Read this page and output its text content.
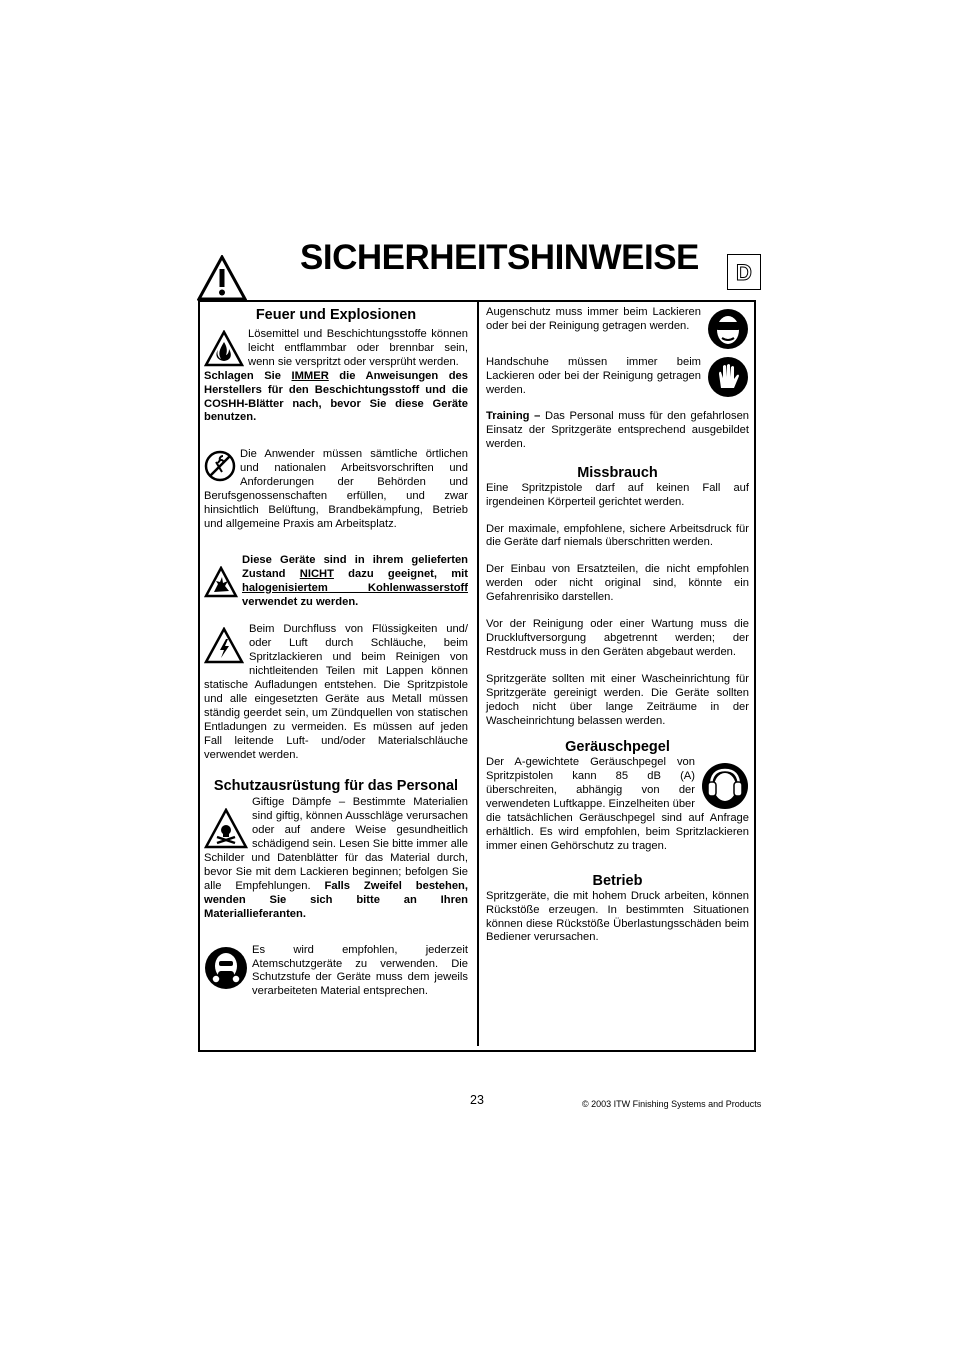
SICHERHEITSHINWEISE	D
Feuer und Explosionen

Lösemittel und Beschichtungsstoffe können leicht entflammbar oder brennbar sein, wenn sie verspritzt oder versprüht werden.

Schlagen Sie IMMER die Anweisungen des Herstellers für den Beschichtungsstoff und die COSHH-Blätter nach, bevor Sie diese Geräte benutzen.

Die Anwender müssen sämtliche örtlichen und nationalen Arbeitsvorschriften und Anforderungen der Behörden und Berufsgenossenschaften erfüllen, und zwar hinsichtlich Belüftung, Brandbekämpfung, Betrieb und allgemeine Praxis am Arbeitsplatz.

Diese Geräte sind in ihrem gelieferten Zustand NICHT dazu geeignet, mit halogenisiertem Kohlenwasserstoff verwendet zu werden.

Beim Durchfluss von Flüssigkeiten und/ oder Luft durch Schläuche, beim Spritzlackieren und beim Reinigen von nichtleitenden Teilen mit Lappen können statische Aufladungen entstehen. Die Spritzpistole und alle eingesetzten Geräte aus Metall müssen ständig geerdet sein, um Zündquellen von statischen Entladungen zu vermeiden. Es müssen auf jeden Fall leitende Luft- und/oder Materialschläuche verwendet werden.

Schutzausrüstung für das Personal

Giftige Dämpfe – Bestimmte Materialien sind giftig, können Ausschläge verursachen oder auf andere Weise gesundheitlich schädigend sein. Lesen Sie bitte immer alle Schilder und Datenblätter für das Material durch, bevor Sie mit dem Lackieren beginnen; befolgen Sie alle Empfehlungen. Falls Zweifel bestehen, wenden Sie sich bitte an Ihren Materiallieferanten.

Es wird empfohlen, jederzeit Atemschutzgeräte zu verwenden. Die Schutzstufe der Geräte muss dem jeweils verarbeiteten Material entsprechen.

Augenschutz muss immer beim Lackieren oder bei der Reinigung getragen werden.

Handschuhe müssen immer beim Lackieren oder bei der Reinigung getragen werden.

Training – Das Personal muss für den gefahrlosen Einsatz der Spritzgeräte entsprechend ausgebildet werden.

Missbrauch

Eine Spritzpistole darf auf keinen Fall auf irgendeinen Körperteil gerichtet werden.

Der maximale, empfohlene, sichere Arbeitsdruck für die Geräte darf niemals überschritten werden.

Der Einbau von Ersatzteilen, die nicht empfohlen werden oder nicht original sind, könnte ein Gefahrenrisiko darstellen.

Vor der Reinigung oder einer Wartung muss die Druckluftversorgung abgetrennt werden; der Restdruck muss in den Geräten abgebaut werden.

Spritzgeräte sollten mit einer Wascheinrichtung für Spritzgeräte gereinigt werden. Die Geräte sollten jedoch nicht über lange Zeiträume in der Wascheinrichtung belassen werden.

Geräuschpegel

Der A-gewichtete Geräuschpegel von Spritzpistolen kann 85 dB (A) überschreiten, abhängig von der verwendeten Luftkappe. Einzelheiten über die tatsächlichen Geräuschpegel sind auf Anfrage erhältlich. Es wird empfohlen, beim Spritzlackieren immer einen Gehörschutz zu tragen.

Betrieb

Spritzgeräte, die mit hohem Druck arbeiten, können Rückstöße erzeugen. In bestimmten Situationen können diese Rückstöße Überlastungsschäden beim Bediener verursachen.

23	© 2003 ITW Finishing Systems and Products
